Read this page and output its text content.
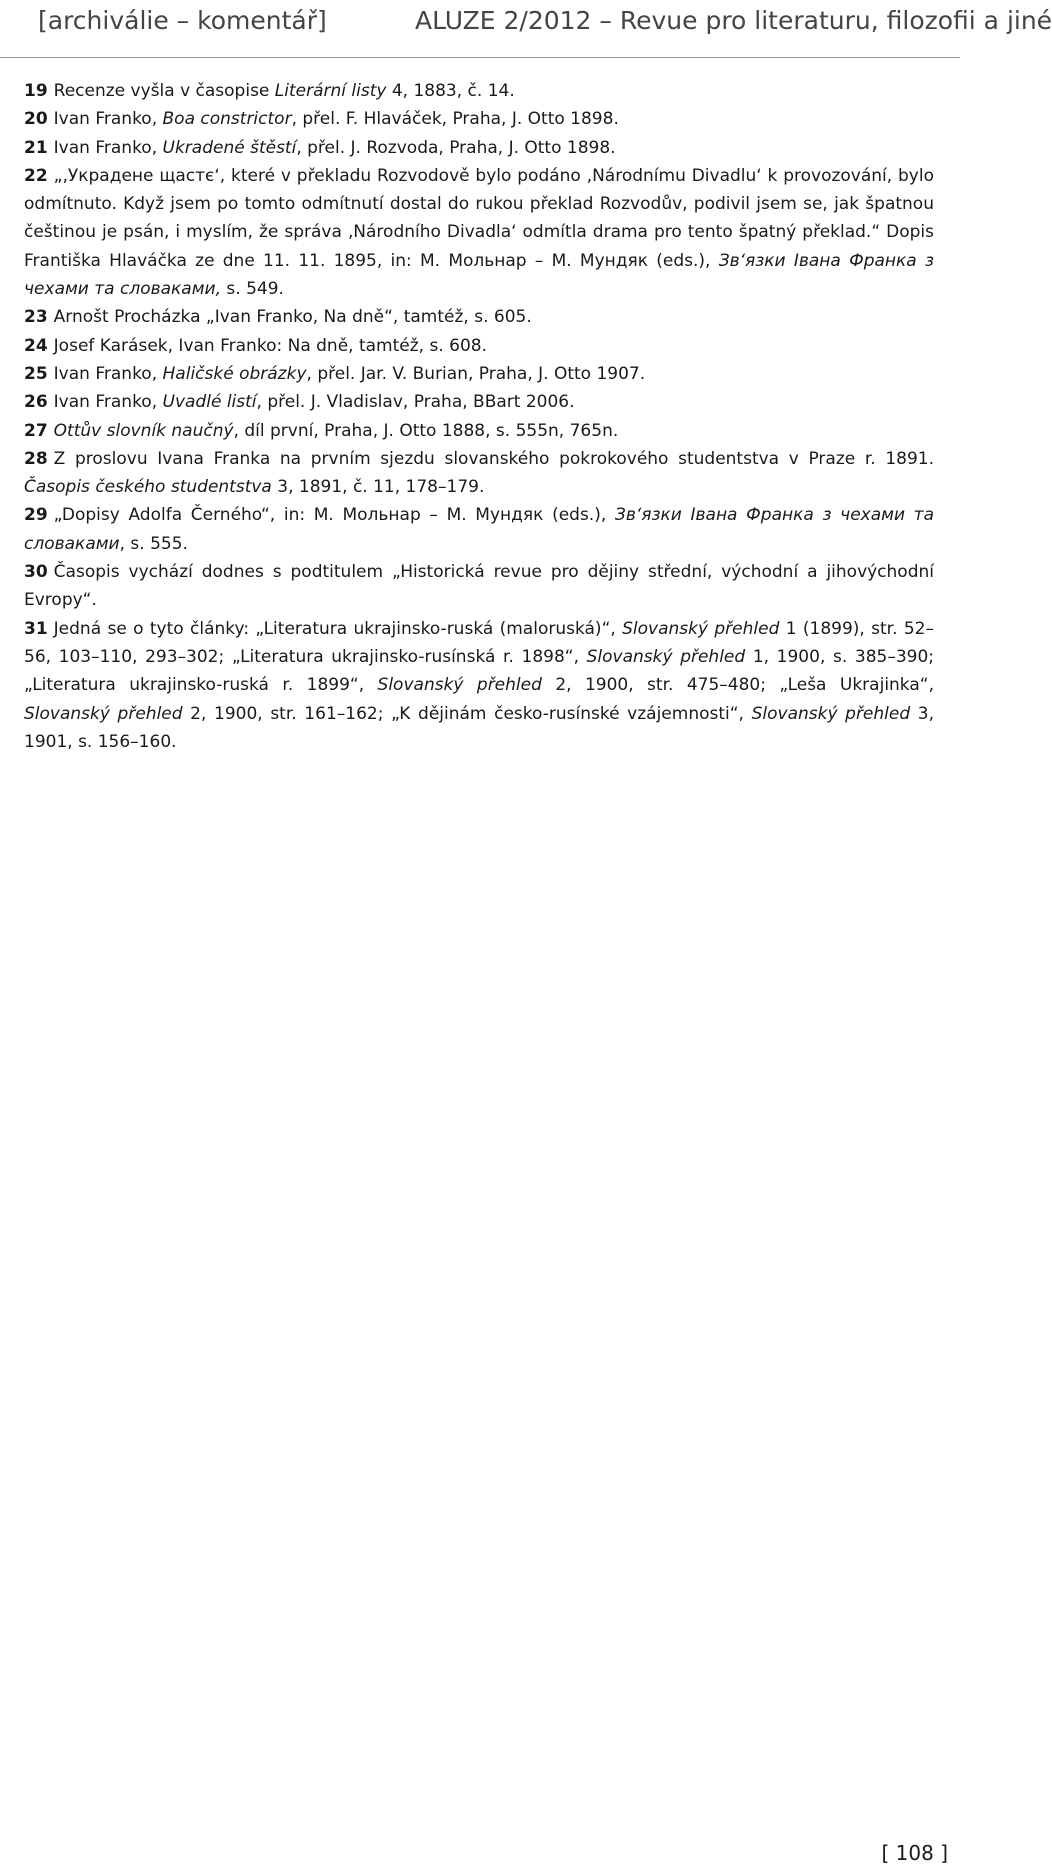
[archiválie – komentář]	ALUZE 2/2012 – Revue pro literaturu, filozofii a jiné

19 Recenze vyšla v časopise Literární listy 4, 1883, č. 14.

20 Ivan Franko, Boa constrictor, přel. F. Hlaváček, Praha, J. Otto 1898.

21 Ivan Franko, Ukradené štěstí, přel. J. Rozvoda, Praha, J. Otto 1898.

22 „‚Украдене щастє‘, které v překladu Rozvodově bylo podáno ‚Národnímu Divadlu‘ k provozování, bylo odmítnuto. Když jsem po tomto odmítnutí dostal do rukou překlad Rozvodův, podivil jsem se, jak špatnou češtinou je psán, i myslím, že správa ‚Národního Divadla‘ odmítla drama pro tento špatný překlad.“ Dopis Františka Hlaváčka ze dne 11. 11. 1895, in: М. Мольнар – М. Мундяк (eds.), Зв‘язки Івана Франка з чехами та словаками, s. 549.

23 Arnošt Procházka „Ivan Franko, Na dně“, tamtéž, s. 605.

24 Josef Karásek, Ivan Franko: Na dně, tamtéž, s. 608.

25 Ivan Franko, Haličské obrázky, přel. Jar. V. Burian, Praha, J. Otto 1907.

26 Ivan Franko, Uvadlé listí, přel. J. Vladislav, Praha, BBart 2006.

27 Ottův slovník naučný, díl první, Praha, J. Otto 1888, s. 555n, 765n.

28 Z proslovu Ivana Franka na prvním sjezdu slovanského pokrokového studentstva v Praze r. 1891. Časopis českého studentstva 3, 1891, č. 11, 178–179.

29 „Dopisy Adolfa Černého“, in: М. Мольнар – М. Мундяк (eds.), Зв‘язки Івана Франка з чехами та словаками, s. 555.

30 Časopis vychází dodnes s podtitulem „Historická revue pro dějiny střední, východní a jihovýchodní Evropy“.

31 Jedná se o tyto články: „Literatura ukrajinsko-ruská (maloruská)“, Slovanský přehled 1 (1899), str. 52–56, 103–110, 293–302; „Literatura ukrajinsko-rusínská r. 1898“, Slovanský přehled 1, 1900, s. 385–390; „Literatura ukrajinsko-ruská r. 1899“, Slovanský přehled 2, 1900, str. 475–480; „Leša Ukrajinka“, Slovanský přehled 2, 1900, str. 161–162; „K dějinám česko-rusínské vzájemnosti“, Slovanský přehled 3, 1901, s. 156–160.

[ 108 ]
